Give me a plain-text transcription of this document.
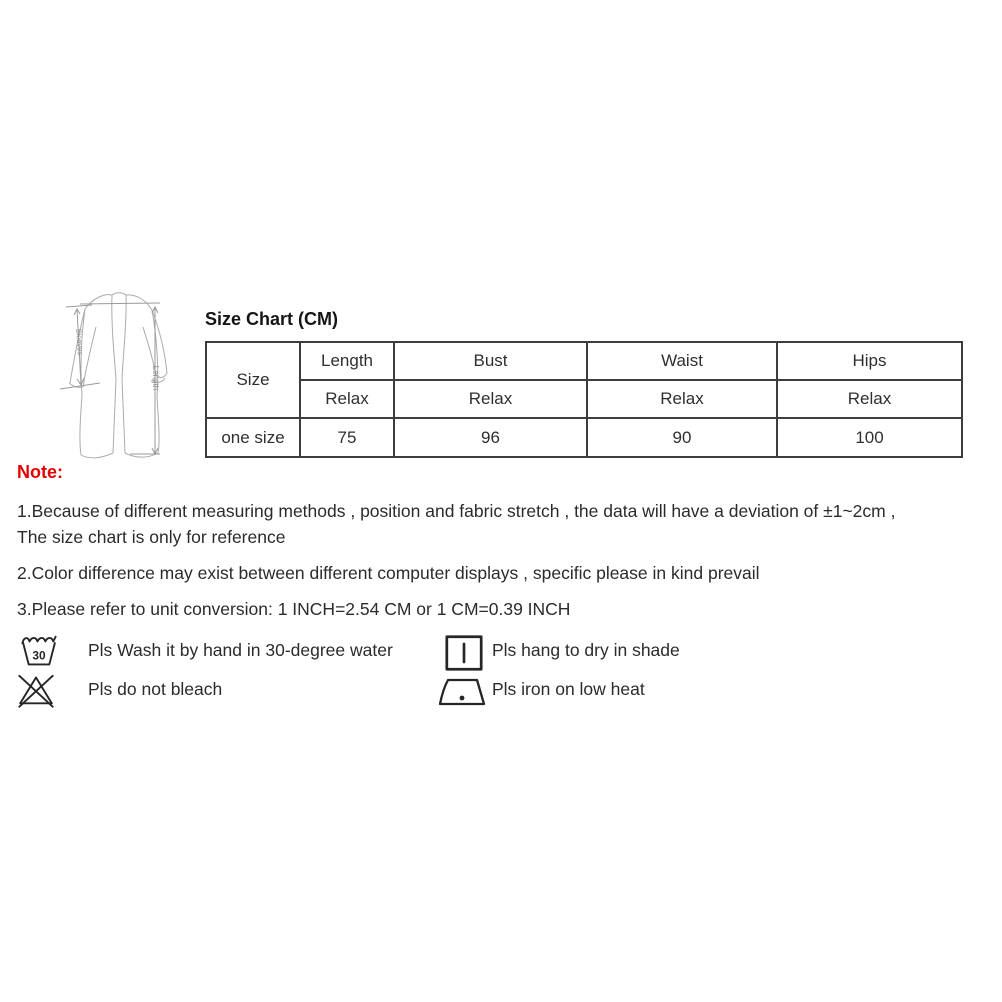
Sleeves
Length
Size Chart (CM)
Size	Length	Bust	Waist	Hips
	Relax	Relax	Relax	Relax
one size	75	96	90	100
Note:
1.Because of different measuring methods , position and fabric stretch , the data will have a deviation of ±1~2cm ,
The size chart is only for reference
2.Color difference may exist between different computer displays , specific please in kind prevail
3.Please refer to unit conversion: 1 INCH=2.54 CM or 1 CM=0.39 INCH
30 Pls Wash it by hand in 30-degree water	Pls hang to dry in shade
Pls do not bleach	Pls iron on low heat
